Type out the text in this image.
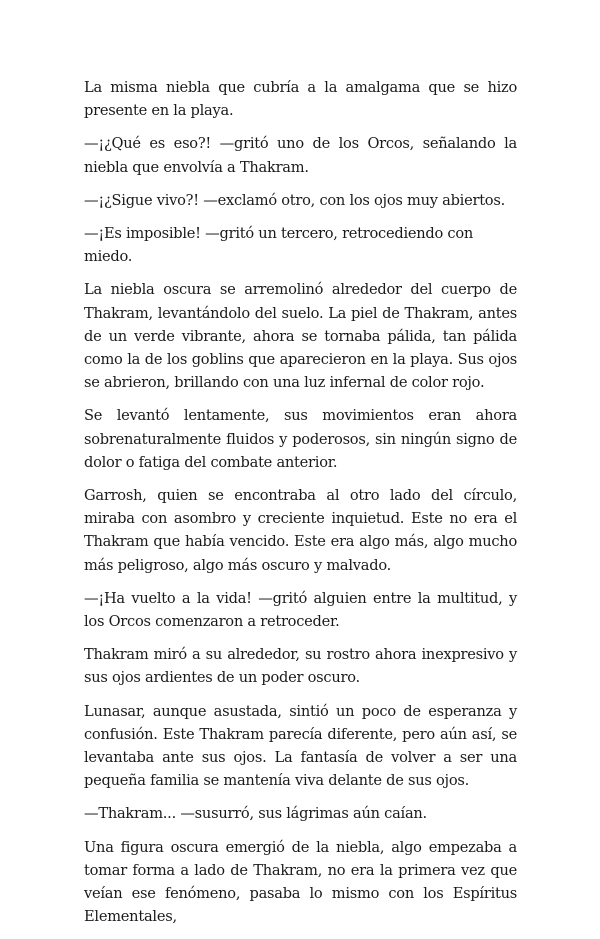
La misma niebla que cubría a la amalgama que se hizo presente en la playa.

—¡¿Qué es eso?! —gritó uno de los Orcos, señalando la niebla que envolvía a Thakram.

—¡¿Sigue vivo?! —exclamó otro, con los ojos muy abiertos.

—¡Es imposible! —gritó un tercero, retrocediendo con miedo.

La niebla oscura se arremolinó alrededor del cuerpo de Thakram, levantándolo del suelo. La piel de Thakram, antes de un verde vibrante, ahora se tornaba pálida, tan pálida como la de los goblins que aparecieron en la playa. Sus ojos se abrieron, brillando con una luz infernal de color rojo.

Se levantó lentamente, sus movimientos eran ahora sobrenaturalmente fluidos y poderosos, sin ningún signo de dolor o fatiga del combate anterior.

Garrosh, quien se encontraba al otro lado del círculo, miraba con asombro y creciente inquietud. Este no era el Thakram que había vencido. Este era algo más, algo mucho más peligroso, algo más oscuro y malvado.

—¡Ha vuelto a la vida! —gritó alguien entre la multitud, y los Orcos comenzaron a retroceder.

Thakram miró a su alrededor, su rostro ahora inexpresivo y sus ojos ardientes de un poder oscuro.

Lunasar, aunque asustada, sintió un poco de esperanza y confusión. Este Thakram parecía diferente, pero aún así, se levantaba ante sus ojos. La fantasía de volver a ser una pequeña familia se mantenía viva delante de sus ojos.

—Thakram... —susurró, sus lágrimas aún caían.

Una figura oscura emergió de la niebla, algo empezaba a tomar forma a lado de Thakram, no era la primera vez que veían ese fenómeno, pasaba lo mismo con los Espíritus Elementales,
